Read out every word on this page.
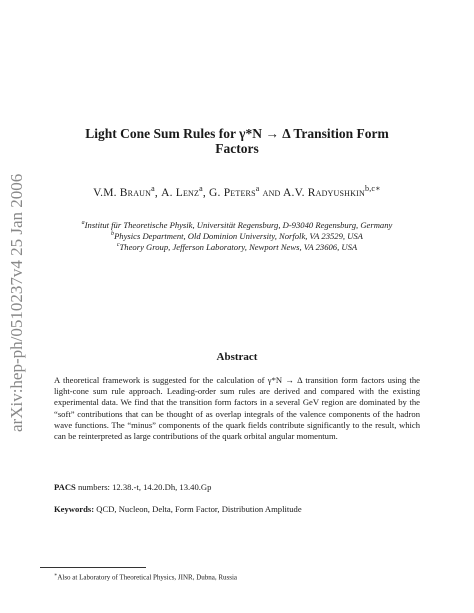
arXiv:hep-ph/0510237v4 25 Jan 2006
Light Cone Sum Rules for γ*N → Δ Transition Form
Factors
V.M. Braun$^a$, A. Lenz$^a$, G. Peters$^a$ and A.V. Radyushkin$^{b,c∗}$
$^a$Institut für Theoretische Physik, Universität Regensburg, D-93040 Regensburg, Germany
$^b$Physics Department, Old Dominion University, Norfolk, VA 23529, USA
$^c$Theory Group, Jefferson Laboratory, Newport News, VA 23606, USA
Abstract
A theoretical framework is suggested for the calculation of γ*N → Δ transition form factors using the light-cone sum rule approach. Leading-order sum rules are derived and compared with the existing experimental data. We find that the transition form factors in a several GeV region are dominated by the “soft” contributions that can be thought of as overlap integrals of the valence components of the hadron wave functions. The “minus” components of the quark fields contribute significantly to the result, which can be reinterpreted as large contributions of the quark orbital angular momentum.
PACS numbers: 12.38.-t, 14.20.Dh, 13.40.Gp
Keywords: QCD, Nucleon, Delta, Form Factor, Distribution Amplitude
∗Also at Laboratory of Theoretical Physics, JINR, Dubna, Russia
